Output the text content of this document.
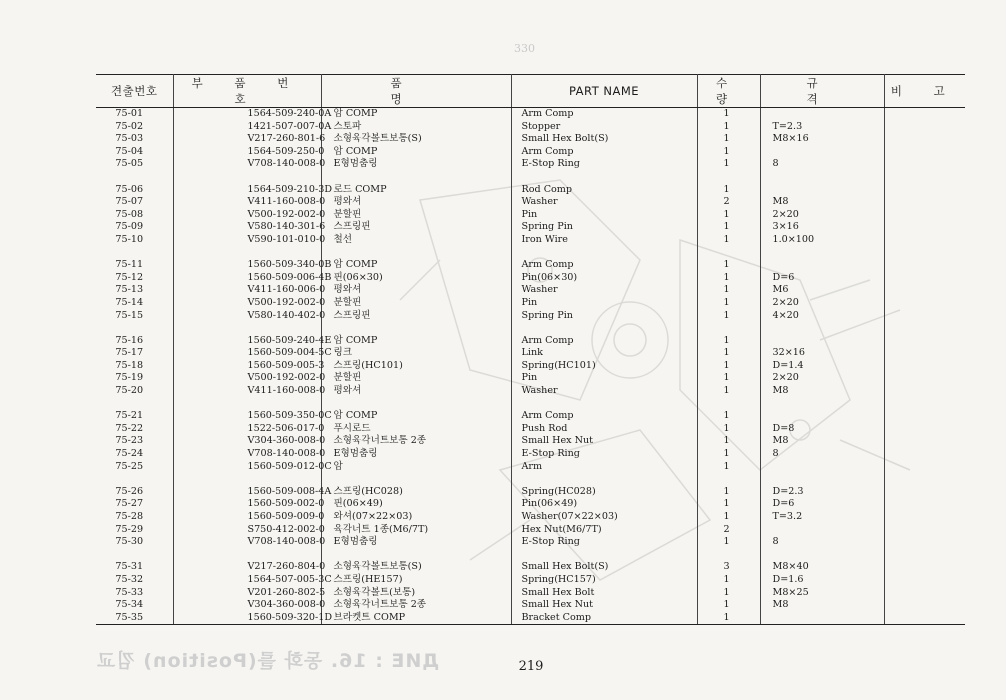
330
견출번호	부 품 번 호	품 명	PART NAME	수 량	규 격	비 고
75-01	1564-509-240-0A	암 COMP	Arm Comp	1		
75-02	1421-507-007-0A	스토파	Stopper	1	T=2.3	
75-03	V217-260-801-6	소형육각볼트보통(S)	Small Hex Bolt(S)	1	M8×16	
75-04	1564-509-250-0	암 COMP	Arm Comp	1		
75-05	V708-140-008-0	E형멈춤링	E-Stop Ring	1	8	

75-06	1564-509-210-3D	로드 COMP	Rod Comp	1		
75-07	V411-160-008-0	평와셔	Washer	2	M8	
75-08	V500-192-002-0	분할핀	Pin	1	2×20	
75-09	V580-140-301-6	스프링핀	Spring Pin	1	3×16	
75-10	V590-101-010-0	철선	Iron Wire	1	1.0×100	

75-11	1560-509-340-0B	암 COMP	Arm Comp	1		
75-12	1560-509-006-4B	핀(06×30)	Pin(06×30)	1	D=6	
75-13	V411-160-006-0	평와셔	Washer	1	M6	
75-14	V500-192-002-0	분할핀	Pin	1	2×20	
75-15	V580-140-402-0	스프링핀	Spring Pin	1	4×20	

75-16	1560-509-240-4E	암 COMP	Arm Comp	1		
75-17	1560-509-004-5C	링크	Link	1	32×16	
75-18	1560-509-005-3	스프링(HC101)	Spring(HC101)	1	D=1.4	
75-19	V500-192-002-0	분할핀	Pin	1	2×20	
75-20	V411-160-008-0	평와셔	Washer	1	M8	

75-21	1560-509-350-0C	암 COMP	Arm Comp	1		
75-22	1522-506-017-0	푸시로드	Push Rod	1	D=8	
75-23	V304-360-008-0	소형육각너트보통 2종	Small Hex Nut	1	M8	
75-24	V708-140-008-0	E형멈춤링	E-Stop Ring	1	8	
75-25	1560-509-012-0C	암	Arm	1		

75-26	1560-509-008-4A	스프링(HC028)	Spring(HC028)	1	D=2.3	
75-27	1560-509-002-0	핀(06×49)	Pin(06×49)	1	D=6	
75-28	1560-509-009-0	와셔(07×22×03)	Washer(07×22×03)	1	T=3.2	
75-29	S750-412-002-0	육각너트 1종(M6/7T)	Hex Nut(M6/7T)	2		
75-30	V708-140-008-0	E형멈춤링	E-Stop Ring	1	8	

75-31	V217-260-804-0	소형육각볼트보통(S)	Small Hex Bolt(S)	3	M8×40	
75-32	1564-507-005-3C	스프링(HE157)	Spring(HC157)	1	D=1.6	
75-33	V201-260-802-5	소형육각볼트(보통)	Small Hex Bolt	1	M8×25	
75-34	V304-360-008-0	소형육각너트보통 2종	Small Hex Nut	1	M8	
75-35	1560-509-320-1D	브라켓트 COMP	Bracket Comp	1		
ДИЕ : 16. 동화 를(Position) 낌교	219
